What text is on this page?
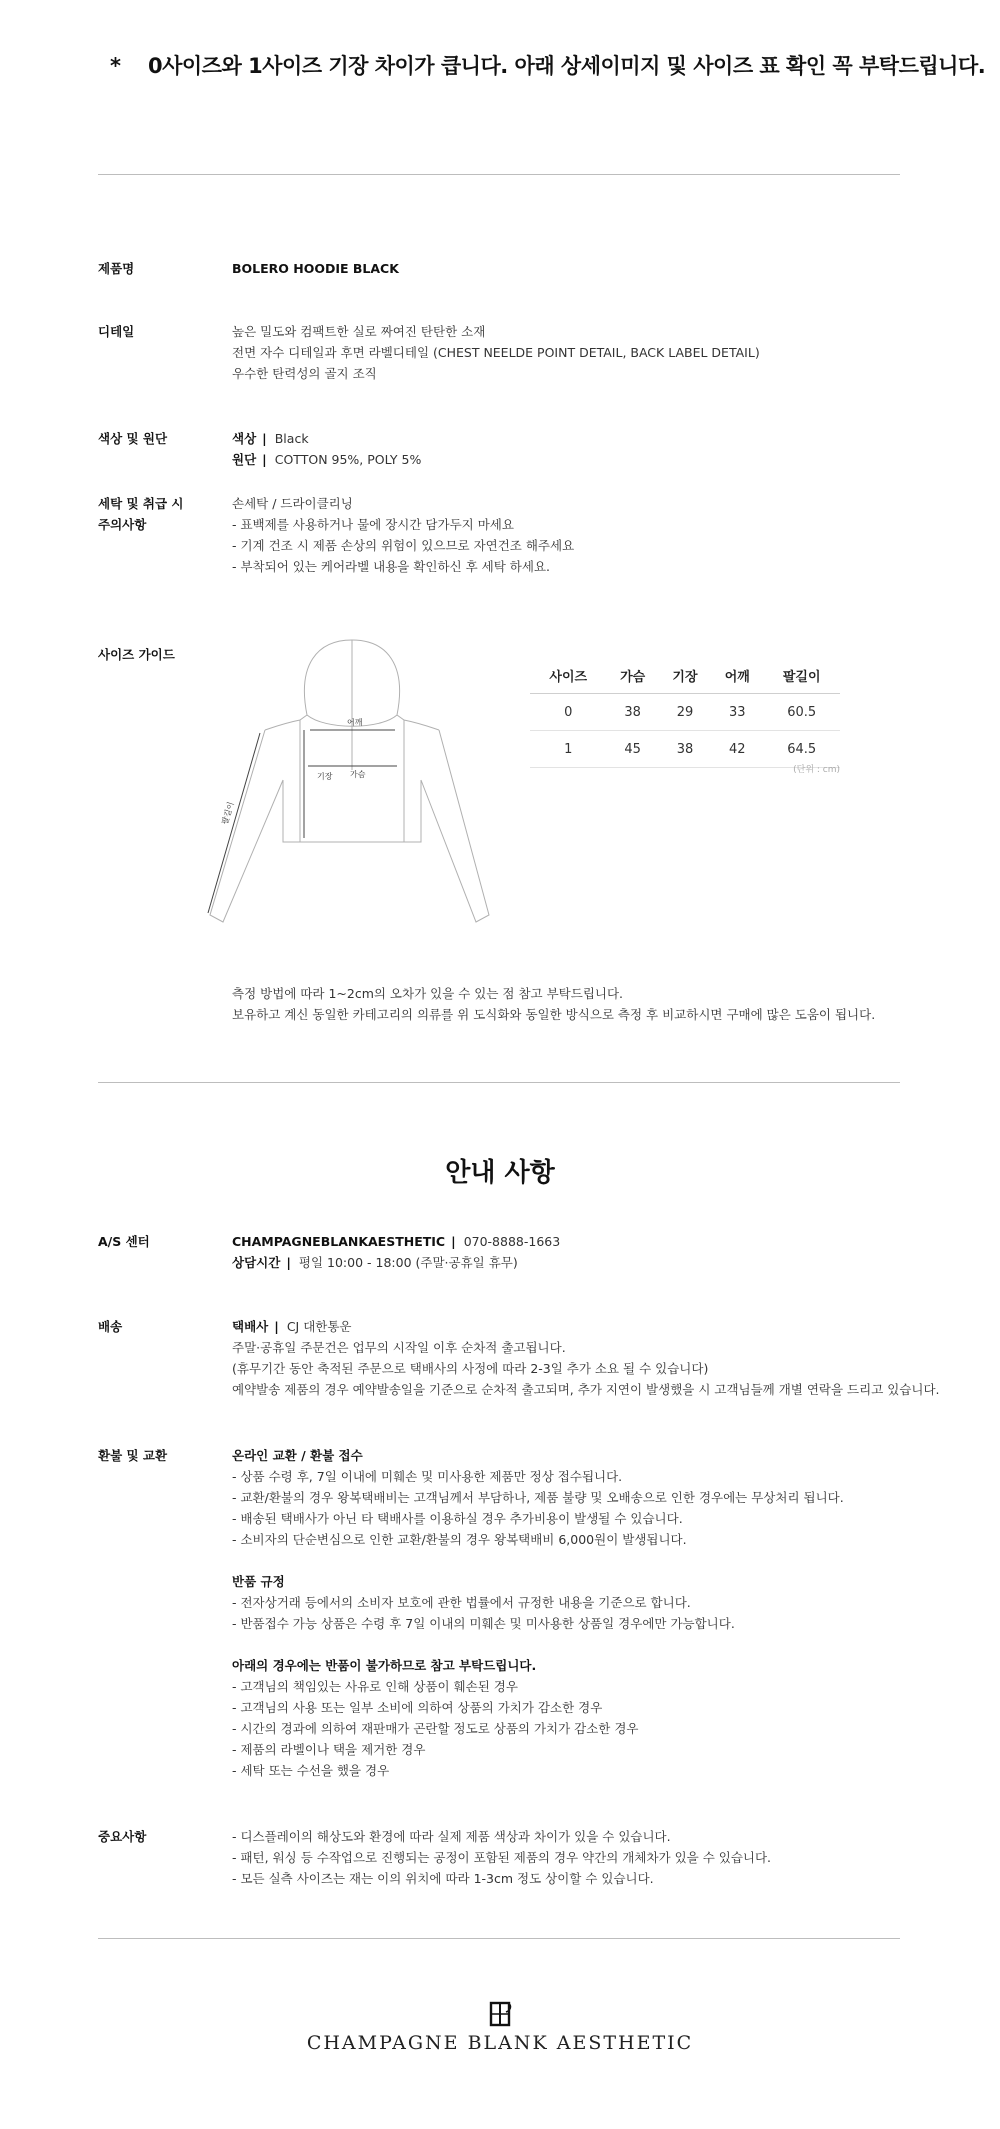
* 0사이즈와 1사이즈 기장 차이가 큽니다. 아래 상세이미지 및 사이즈 표 확인 꼭 부탁드립니다.
제품명	BOLERO HOODIE BLACK
디테일	높은 밀도와 컴팩트한 실로 짜여진 탄탄한 소재
전면 자수 디테일과 후면 라벨디테일 (CHEST NEELDE POINT DETAIL, BACK LABEL DETAIL)
우수한 탄력성의 골지 조직
색상 및 원단	색상 | Black
원단 | COTTON 95%, POLY 5%
세탁 및 취급 시
주의사항
손세탁 / 드라이클리닝
- 표백제를 사용하거나 물에 장시간 담가두지 마세요
- 기계 건조 시 제품 손상의 위험이 있으므로 자연건조 해주세요
- 부착되어 있는 케어라벨 내용을 확인하신 후 세탁 하세요.
사이즈 가이드
어깨
기장 가슴
팔길이
사이즈	가슴	기장	어깨	팔길이
0	38	29	33	60.5
1	45	38	42	64.5
(단위 : cm)
측정 방법에 따라 1~2cm의 오차가 있을 수 있는 점 참고 부탁드립니다.
보유하고 계신 동일한 카테고리의 의류를 위 도식화와 동일한 방식으로 측정 후 비교하시면 구매에 많은 도움이 됩니다.
안내 사항
A/S 센터	CHAMPAGNEBLANKAESTHETIC | 070-8888-1663
상담시간 | 평일 10:00 - 18:00 (주말·공휴일 휴무)
배송	택배사 | CJ 대한통운
주말·공휴일 주문건은 업무의 시작일 이후 순차적 출고됩니다.
(휴무기간 동안 축적된 주문으로 택배사의 사정에 따라 2-3일 추가 소요 될 수 있습니다)
예약발송 제품의 경우 예약발송일을 기준으로 순차적 출고되며, 추가 지연이 발생했을 시 고객님들께 개별 연락을 드리고 있습니다.
환불 및 교환	온라인 교환 / 환불 접수
- 상품 수령 후, 7일 이내에 미훼손 및 미사용한 제품만 정상 접수됩니다.
- 교환/환불의 경우 왕복택배비는 고객님께서 부담하나, 제품 불량 및 오배송으로 인한 경우에는 무상처리 됩니다.
- 배송된 택배사가 아닌 타 택배사를 이용하실 경우 추가비용이 발생될 수 있습니다.
- 소비자의 단순변심으로 인한 교환/환불의 경우 왕복택배비 6,000원이 발생됩니다.
반품 규정
- 전자상거래 등에서의 소비자 보호에 관한 법률에서 규정한 내용을 기준으로 합니다.
- 반품접수 가능 상품은 수령 후 7일 이내의 미훼손 및 미사용한 상품일 경우에만 가능합니다.
아래의 경우에는 반품이 불가하므로 참고 부탁드립니다.
- 고객님의 책임있는 사유로 인해 상품이 훼손된 경우
- 고객님의 사용 또는 일부 소비에 의하여 상품의 가치가 감소한 경우
- 시간의 경과에 의하여 재판매가 곤란할 정도로 상품의 가치가 감소한 경우
- 제품의 라벨이나 택을 제거한 경우
- 세탁 또는 수선을 했을 경우
중요사항	- 디스플레이의 해상도와 환경에 따라 실제 제품 색상과 차이가 있을 수 있습니다.
- 패턴, 워싱 등 수작업으로 진행되는 공정이 포함된 제품의 경우 약간의 개체차가 있을 수 있습니다.
- 모든 실측 사이즈는 재는 이의 위치에 따라 1-3cm 정도 상이할 수 있습니다.
CHAMPAGNE BLANK AESTHETIC
